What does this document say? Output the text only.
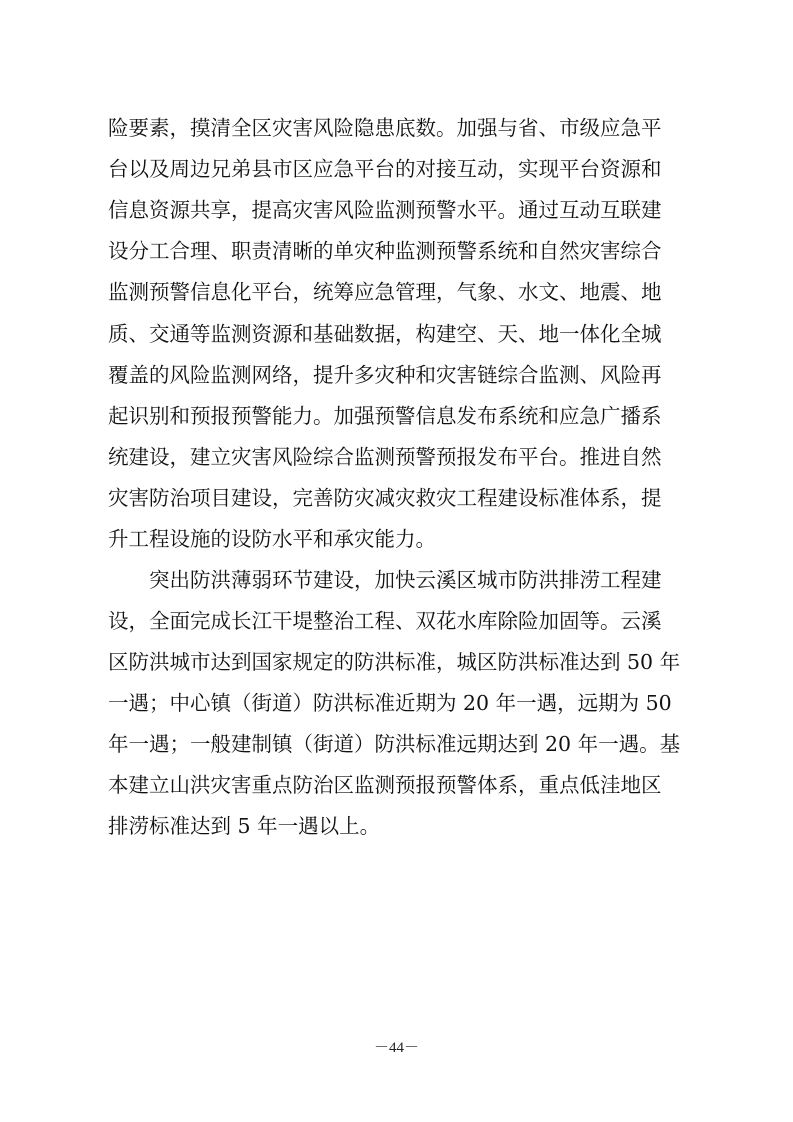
险要素，摸清全区灾害风险隐患底数。加强与省、市级应急平
台以及周边兄弟县市区应急平台的对接互动，实现平台资源和
信息资源共享，提高灾害风险监测预警水平。通过互动互联建
设分工合理、职责清晰的单灾种监测预警系统和自然灾害综合
监测预警信息化平台，统筹应急管理，气象、水文、地震、地
质、交通等监测资源和基础数据，构建空、天、地一体化全城
覆盖的风险监测网络，提升多灾种和灾害链综合监测、风险再
起识别和预报预警能力。加强预警信息发布系统和应急广播系
统建设，建立灾害风险综合监测预警预报发布平台。推进自然
灾害防治项目建设，完善防灾减灾救灾工程建设标准体系，提
升工程设施的设防水平和承灾能力。
突出防洪薄弱环节建设，加快云溪区城市防洪排涝工程建
设，全面完成长江干堤整治工程、双花水库除险加固等。云溪
区防洪城市达到国家规定的防洪标准，城区防洪标准达到 50 年
一遇；中心镇（街道）防洪标准近期为 20 年一遇，远期为 50
年一遇；一般建制镇（街道）防洪标准远期达到 20 年一遇。基
本建立山洪灾害重点防治区监测预报预警体系，重点低洼地区
排涝标准达到 5 年一遇以上。
－44－
